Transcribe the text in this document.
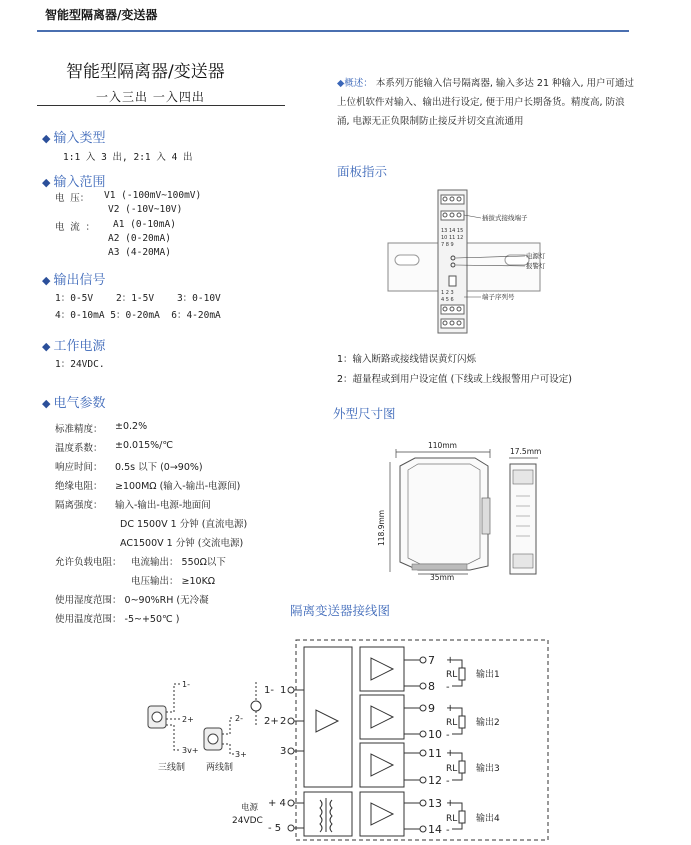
智能型隔离器/变送器
智能型隔离器/变送器
一入三出 一入四出
◆ 输入类型
1:1 入 3 出, 2:1 入 4 出
◆ 输入范围
电 压： V1 (-100mV~100mV)
V2 (-10V~10V)
电 流 ： A1 (0-10mA)
A2 (0-20mA)
A3 (4-20MA)
◆ 输出信号
1：0-5V    2：1-5V    3：0-10V
4：0-10mA 5：0-20mA  6：4-20mA
◆ 工作电源
1：24VDC.
◆ 电气参数
标准精度： ±0.2%
温度系数： ±0.015%/℃
响应时间： 0.5s 以下 (0→90%)
绝缘电阻： ≥100MΩ (输入-输出-电源间)
隔离强度： 输入-输出-电源-地面间
DC 1500V 1 分钟 (直流电源)
AC1500V 1 分钟 (交流电源)
允许负载电阻： 电流输出： 550Ω以下
电压输出： ≥10KΩ
使用湿度范围： 0~90%RH (无冷凝
使用温度范围： -5~+50℃ )
◆概述： 本系列万能输入信号隔离器, 输入多达 21 种输入, 用户可通过上位机软件对输入、输出进行设定, 便于用户长期备货。精度高, 防浪涌, 电源无正负限制防止接反并切交直流通用
面板指示
13 14 15
10 11 12
7 8 9
1 2 3
4 5 6
插拔式接线端子
电源灯
报警灯
端子序列号
1：输入断路或接线错误黄灯闪烁
2：超量程或到用户设定值 (下线或上线报警用户可设定)
外型尺寸图
110mm
17.5mm
118.9mm
35mm
隔离变送器接线图
7
8
9
10
11
12
13
14
+
-
RL 输出1
+
-
RL 输出2
+
-
RL 输出3
+
-
RL 输出4
1- 1
2+ 2
3
电源
24VDC
+ 4
- 5
1-
2+
3v+
三线制
2-
3+
两线制
